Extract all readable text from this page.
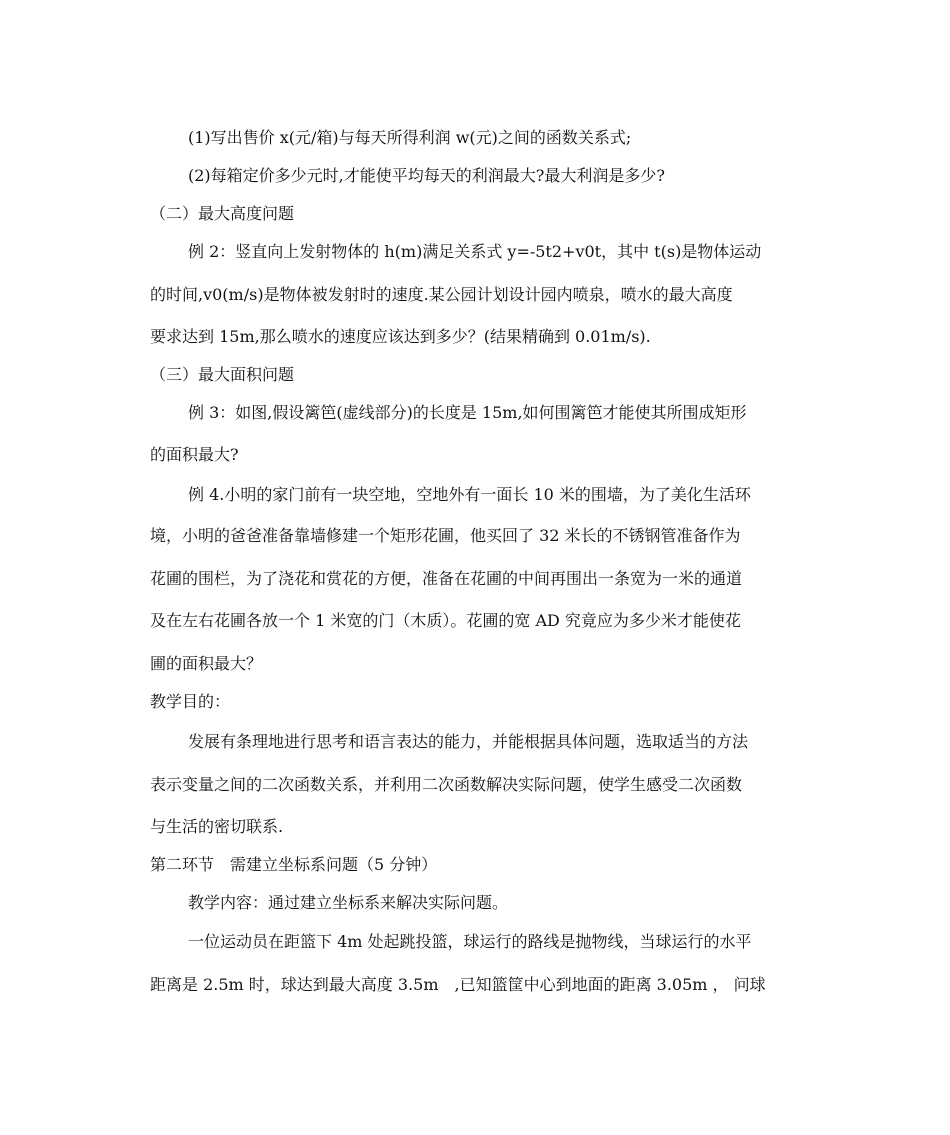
(1)写出售价 x(元/箱)与每天所得利润 w(元)之间的函数关系式;
(2)每箱定价多少元时,才能使平均每天的利润最大?最大利润是多少?
（二）最大高度问题
例 2：竖直向上发射物体的 h(m)满足关系式 y=-5t2+v0t，其中 t(s)是物体运动
的时间,v0(m/s)是物体被发射时的速度.某公园计划设计园内喷泉，喷水的最大高度
要求达到 15m,那么喷水的速度应该达到多少？(结果精确到 0.01m/s).
（三）最大面积问题
例 3：如图,假设篱笆(虚线部分)的长度是 15m,如何围篱笆才能使其所围成矩形
的面积最大?
例 4.小明的家门前有一块空地，空地外有一面长 10 米的围墙，为了美化生活环
境，小明的爸爸准备靠墙修建一个矩形花圃，他买回了 32 米长的不锈钢管准备作为
花圃的围栏，为了浇花和赏花的方便，准备在花圃的中间再围出一条宽为一米的通道
及在左右花圃各放一个 1 米宽的门（木质）。花圃的宽 AD 究竟应为多少米才能使花
圃的面积最大？
教学目的：
发展有条理地进行思考和语言表达的能力，并能根据具体问题，选取适当的方法
表示变量之间的二次函数关系，并利用二次函数解决实际问题，使学生感受二次函数
与生活的密切联系.
第二环节　需建立坐标系问题（5 分钟）
教学内容：通过建立坐标系来解决实际问题。
一位运动员在距篮下 4m 处起跳投篮，球运行的路线是抛物线，当球运行的水平
距离是 2.5m 时，球达到最大高度 3.5m　,已知篮筐中心到地面的距离 3.05m ， 问球
